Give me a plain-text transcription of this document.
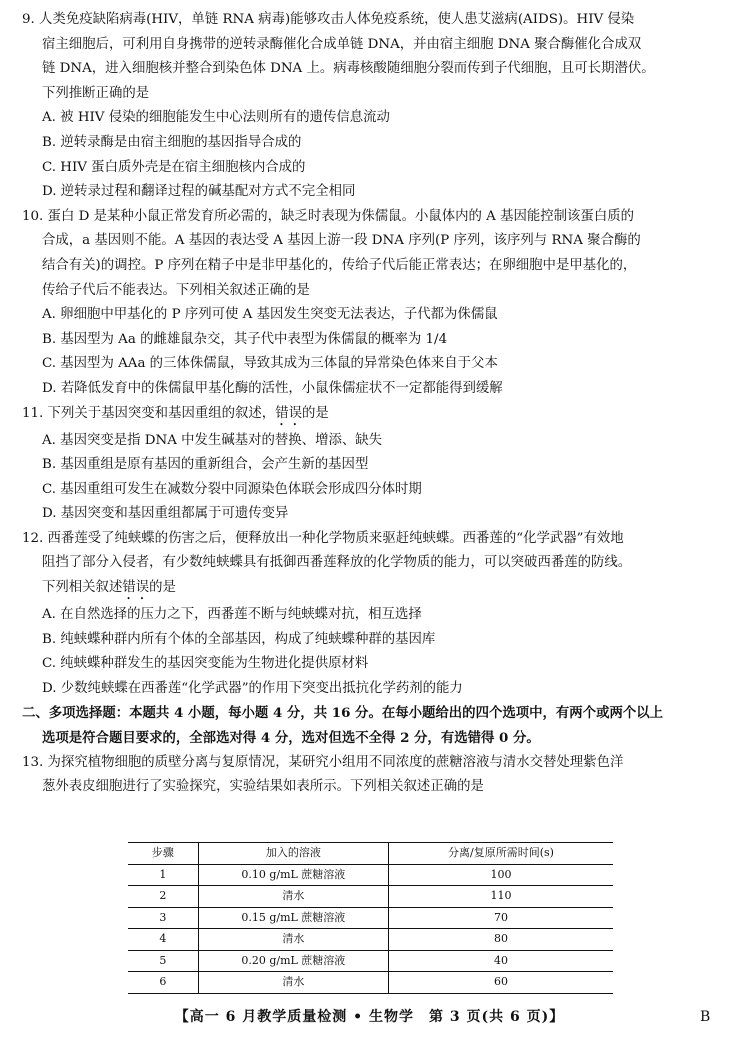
9. 人类免疫缺陷病毒(HIV，单链 RNA 病毒)能够攻击人体免疫系统，使人患艾滋病(AIDS)。HIV 侵染

宿主细胞后，可利用自身携带的逆转录酶催化合成单链 DNA，并由宿主细胞 DNA 聚合酶催化合成双

链 DNA，进入细胞核并整合到染色体 DNA 上。病毒核酸随细胞分裂而传到子代细胞，且可长期潜伏。

下列推断正确的是

A. 被 HIV 侵染的细胞能发生中心法则所有的遗传信息流动

B. 逆转录酶是由宿主细胞的基因指导合成的

C. HIV 蛋白质外壳是在宿主细胞核内合成的

D. 逆转录过程和翻译过程的碱基配对方式不完全相同

10. 蛋白 D 是某种小鼠正常发育所必需的，缺乏时表现为侏儒鼠。小鼠体内的 A 基因能控制该蛋白质的

合成，a 基因则不能。A 基因的表达受 A 基因上游一段 DNA 序列(P 序列，该序列与 RNA 聚合酶的

结合有关)的调控。P 序列在精子中是非甲基化的，传给子代后能正常表达；在卵细胞中是甲基化的，

传给子代后不能表达。下列相关叙述正确的是

A. 卵细胞中甲基化的 P 序列可使 A 基因发生突变无法表达，子代都为侏儒鼠

B. 基因型为 Aa 的雌雄鼠杂交，其子代中表型为侏儒鼠的概率为 1/4

C. 基因型为 AAa 的三体侏儒鼠，导致其成为三体鼠的异常染色体来自于父本

D. 若降低发育中的侏儒鼠甲基化酶的活性，小鼠侏儒症状不一定都能得到缓解

11. 下列关于基因突变和基因重组的叙述，错误的是

A. 基因突变是指 DNA 中发生碱基对的替换、增添、缺失

B. 基因重组是原有基因的重新组合，会产生新的基因型

C. 基因重组可发生在减数分裂中同源染色体联会形成四分体时期

D. 基因突变和基因重组都属于可遗传变异

12. 西番莲受了纯蛱蝶的伤害之后，便释放出一种化学物质来驱赶纯蛱蝶。西番莲的“化学武器”有效地

阻挡了部分入侵者，有少数纯蛱蝶具有抵御西番莲释放的化学物质的能力，可以突破西番莲的防线。

下列相关叙述错误的是

A. 在自然选择的压力之下，西番莲不断与纯蛱蝶对抗，相互选择

B. 纯蛱蝶种群内所有个体的全部基因，构成了纯蛱蝶种群的基因库

C. 纯蛱蝶种群发生的基因突变能为生物进化提供原材料

D. 少数纯蛱蝶在西番莲“化学武器”的作用下突变出抵抗化学药剂的能力

二、多项选择题：本题共 4 小题，每小题 4 分，共 16 分。在每小题给出的四个选项中，有两个或两个以上

选项是符合题目要求的，全部选对得 4 分，选对但选不全得 2 分，有选错得 0 分。

13. 为探究植物细胞的质壁分离与复原情况，某研究小组用不同浓度的蔗糖溶液与清水交替处理紫色洋

葱外表皮细胞进行了实验探究，实验结果如表所示。下列相关叙述正确的是

步骤	加入的溶液	分离/复原所需时间(s)
1	0.10 g/mL 蔗糖溶液	100
2	清水	110
3	0.15 g/mL 蔗糖溶液	70
4	清水	80
5	0.20 g/mL 蔗糖溶液	40
6	清水	60
【高一 6 月教学质量检测 • 生物学　第 3 页(共 6 页)】	B
